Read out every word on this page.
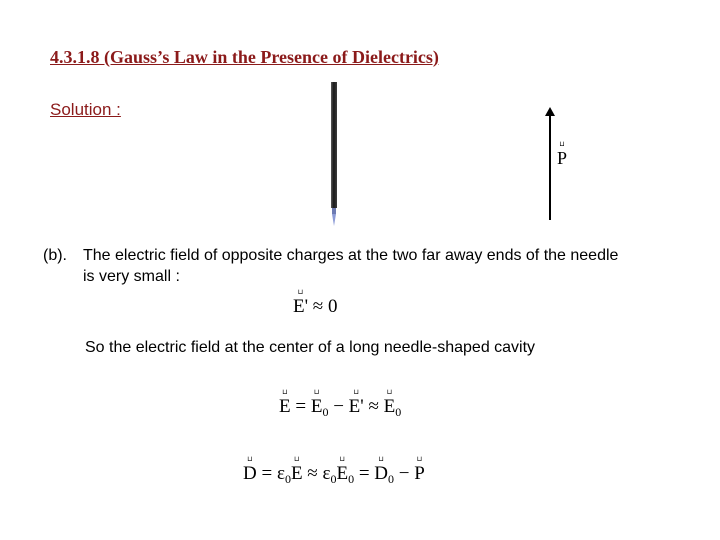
4.3.1.8 (Gauss’s Law in the Presence of Dielectrics)
Solution :
⊔
P
(b). The electric field of opposite charges at the two far away ends of the needle
is very small :
⊔
E' ≈ 0
So the electric field at the center of a long needle-shaped cavity
⊔
E =
⊔
$E_0$ −
⊔
E' ≈
⊔
$E_0$
⊔
$D = \varepsilon_0$
⊔
$E \approx \varepsilon_0$
⊔
$E_0$ =
⊔
$D_0$ −
⊔
P
